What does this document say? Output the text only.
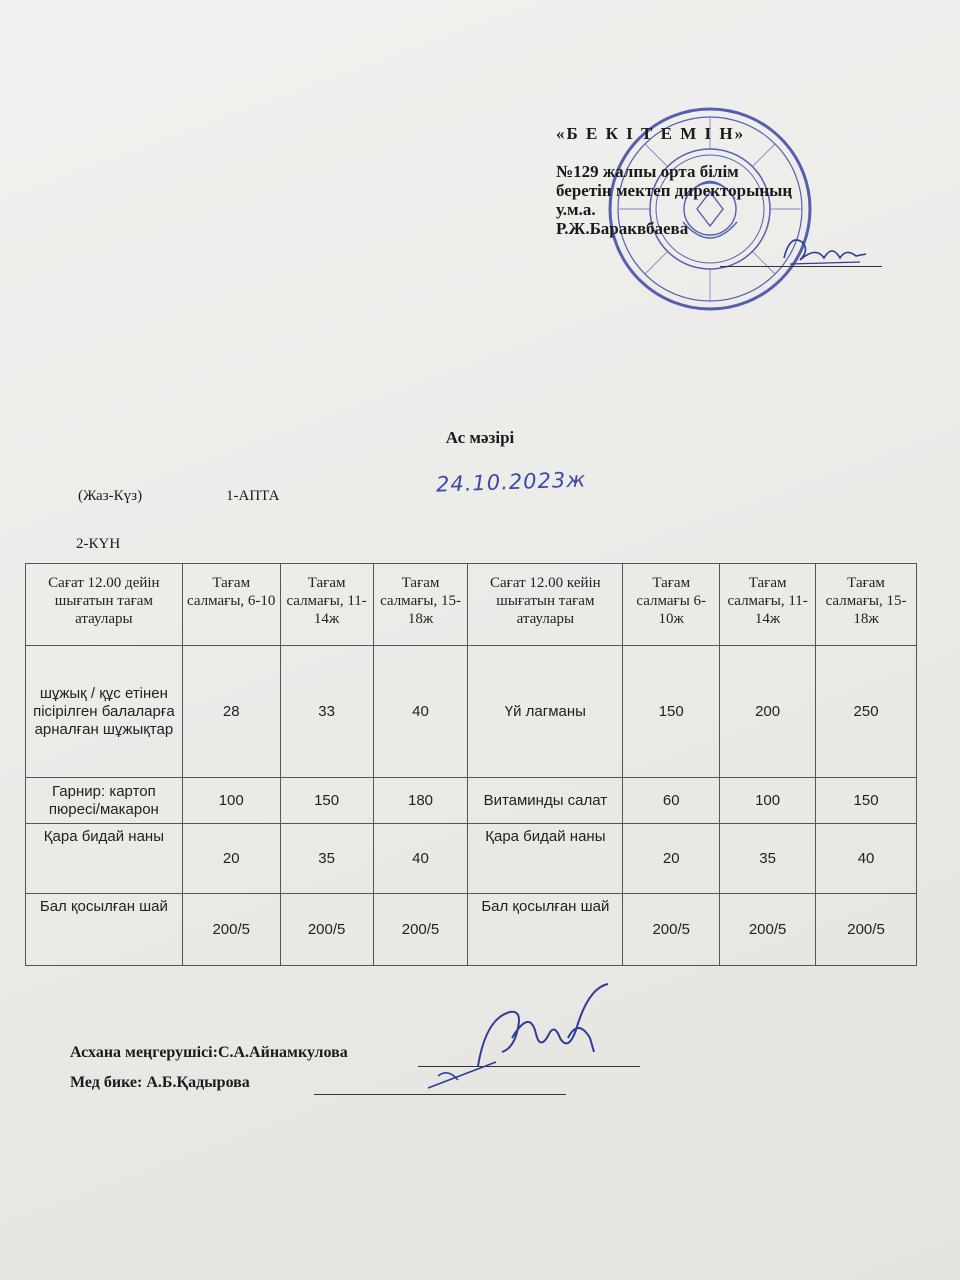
«Б Е К І Т Е М І Н»
№129 жалпы орта білім
беретін мектеп директорының
у.м.а.
Р.Ж.Бараквбаева
Ас мәзірі
(Жаз-Күз)	1-АПТА	24.10.2023ж
2-КҮН
Сағат 12.00 дейін шығатын тағам атаулары	Тағам салмағы, 6-10	Тағам салмағы, 11-14ж	Тағам салмағы, 15-18ж	Сағат 12.00 кейін шығатын тағам атаулары	Тағам салмағы 6-10ж	Тағам салмағы, 11-14ж	Тағам салмағы, 15-18ж
шұжық / құс етінен пісірілген балаларға арналған шұжықтар	28	33	40	Үй лагманы	150	200	250
Гарнир: картоп пюресі/макарон	100	150	180	Витаминды салат	60	100	150
Қара бидай наны	20	35	40	Қара бидай наны	20	35	40
Бал қосылған шай	200/5	200/5	200/5	Бал қосылған шай	200/5	200/5	200/5
Асхана меңгерушісі:С.А.Айнамкулова
Мед бике: А.Б.Қадырова
